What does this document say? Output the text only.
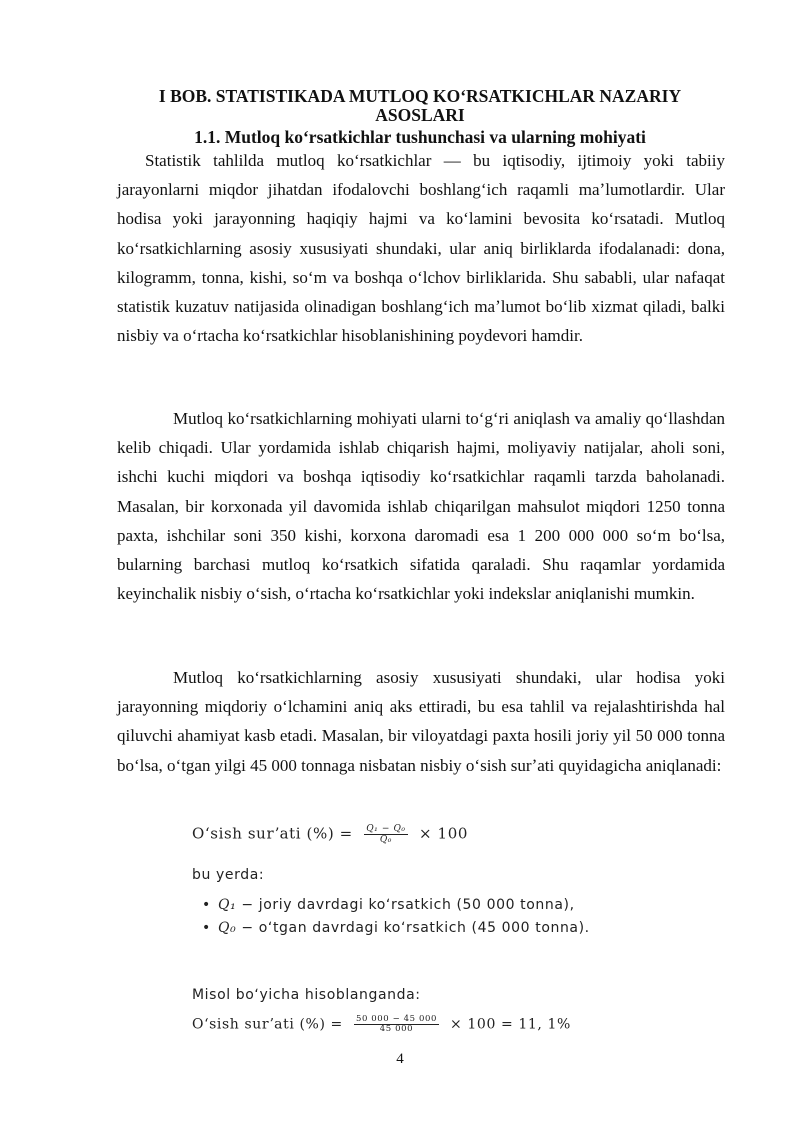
I BOB. STATISTIKADA MUTLOQ KOʻRSATKICHLAR NAZARIY
ASOSLARI
1.1. Mutloq koʻrsatkichlar tushunchasi va ularning mohiyati

Statistik tahlilda mutloq koʻrsatkichlar — bu iqtisodiy, ijtimoiy yoki tabiiy jarayonlarni miqdor jihatdan ifodalovchi boshlangʻich raqamli maʼlumotlardir. Ular hodisa yoki jarayonning haqiqiy hajmi va koʻlamini bevosita koʻrsatadi. Mutloq koʻrsatkichlarning asosiy xususiyati shundaki, ular aniq birliklarda ifodalanadi: dona, kilogramm, tonna, kishi, soʻm va boshqa oʻlchov birliklarida. Shu sababli, ular nafaqat statistik kuzatuv natijasida olinadigan boshlangʻich maʼlumot boʻlib xizmat qiladi, balki nisbiy va oʻrtacha koʻrsatkichlar hisoblanishining poydevori hamdir.

Mutloq koʻrsatkichlarning mohiyati ularni toʻgʻri aniqlash va amaliy qoʻllashdan kelib chiqadi. Ular yordamida ishlab chiqarish hajmi, moliyaviy natijalar, aholi soni, ishchi kuchi miqdori va boshqa iqtisodiy koʻrsatkichlar raqamli tarzda baholanadi. Masalan, bir korxonada yil davomida ishlab chiqarilgan mahsulot miqdori 1250 tonna paxta, ishchilar soni 350 kishi, korxona daromadi esa 1 200 000 000 soʻm boʻlsa, bularning barchasi mutloq koʻrsatkich sifatida qaraladi. Shu raqamlar yordamida keyinchalik nisbiy oʻsish, oʻrtacha koʻrsatkichlar yoki indekslar aniqlanishi mumkin.

Mutloq koʻrsatkichlarning asosiy xususiyati shundaki, ular hodisa yoki jarayonning miqdoriy oʻlchamini aniq aks ettiradi, bu esa tahlil va rejalashtirishda hal qiluvchi ahamiyat kasb etadi. Masalan, bir viloyatdagi paxta hosili joriy yil 50 000 tonna boʻlsa, oʻtgan yilgi 45 000 tonnaga nisbatan nisbiy oʻsish surʼati quyidagicha aniqlanadi:

Oʻsish surʼati (%) = $\frac{\text{Q₁ − Q₀}}{\text{Q₀}} \times 100$
bu yerda:
• Q₁ − joriy davrdagi koʻrsatkich (50 000 tonna),
• Q₀ − oʻtgan davrdagi koʻrsatkich (45 000 tonna).
Misol boʻyicha hisoblanganda:
Oʻsish surʼati (%) = $\frac{50 000 - 45 000}{45 000} \times 100 = 11$, 1%
4
